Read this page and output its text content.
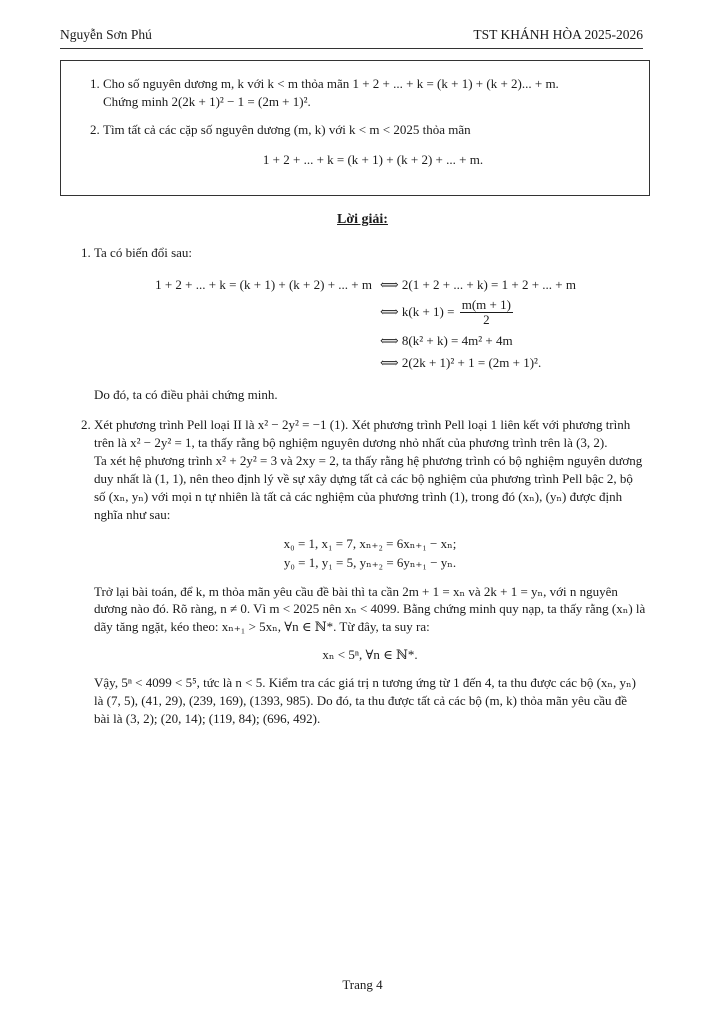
Nguyễn Sơn Phú	TST KHÁNH HÒA 2025-2026

1. Cho số nguyên dương m, k với k < m thỏa mãn 1 + 2 + ... + k = (k + 1) + (k + 2)... + m.

Chứng minh 2(2k + 1)² − 1 = (2m + 1)².

2. Tìm tất cả các cặp số nguyên dương (m, k) với k < m < 2025 thỏa mãn

1 + 2 + ... + k = (k + 1) + (k + 2) + ... + m.

Lời giải:

1. Ta có biến đổi sau:

1 + 2 + ... + k = (k + 1) + (k + 2) + ... + m ⟺ 2(1 + 2 + ... + k) = 1 + 2 + ... + m
⟺ $k(k + 1) = \frac{m(m + 1)}{2}$
⟺ 8(k² + k) = 4m² + 4m
⟺ 2(2k + 1)² + 1 = (2m + 1)².

Do đó, ta có điều phải chứng minh.

2. Xét phương trình Pell loại II là x² − 2y² = −1 (1). Xét phương trình Pell loại 1 liên kết với phương trình trên là x² − 2y² = 1, ta thấy rằng bộ nghiệm nguyên dương nhỏ nhất của phương trình trên là (3, 2).

Ta xét hệ phương trình x² + 2y² = 3 và 2xy = 2, ta thấy rằng hệ phương trình có bộ nghiệm nguyên dương duy nhất là (1, 1), nên theo định lý về sự xây dựng tất cả các bộ nghiệm của phương trình Pell bậc 2, bộ số (xₙ, yₙ) với mọi n tự nhiên là tất cả các nghiệm của phương trình (1), trong đó (xₙ), (yₙ) được định nghĩa như sau:

x₀ = 1, x₁ = 7, xₙ₊₂ = 6xₙ₊₁ − xₙ;
y₀ = 1, y₁ = 5, yₙ₊₂ = 6yₙ₊₁ − yₙ.

Trở lại bài toán, để k, m thỏa mãn yêu cầu đề bài thì ta cần 2m + 1 = xₙ và 2k + 1 = yₙ, với n nguyên dương nào đó. Rõ ràng, n ≠ 0. Vì m < 2025 nên xₙ < 4099. Bằng chứng minh quy nạp, ta thấy rằng (xₙ) là dãy tăng ngặt, kéo theo: xₙ₊₁ > 5xₙ, ∀n ∈ ℕ*. Từ đây, ta suy ra:

xₙ < 5ⁿ, ∀n ∈ ℕ*.

Vậy, 5ⁿ < 4099 < 5⁵, tức là n < 5. Kiểm tra các giá trị n tương ứng từ 1 đến 4, ta thu được các bộ (xₙ, yₙ) là (7, 5), (41, 29), (239, 169), (1393, 985). Do đó, ta thu được tất cả các bộ (m, k) thỏa mãn yêu cầu đề bài là (3, 2); (20, 14); (119, 84); (696, 492).

Trang 4
